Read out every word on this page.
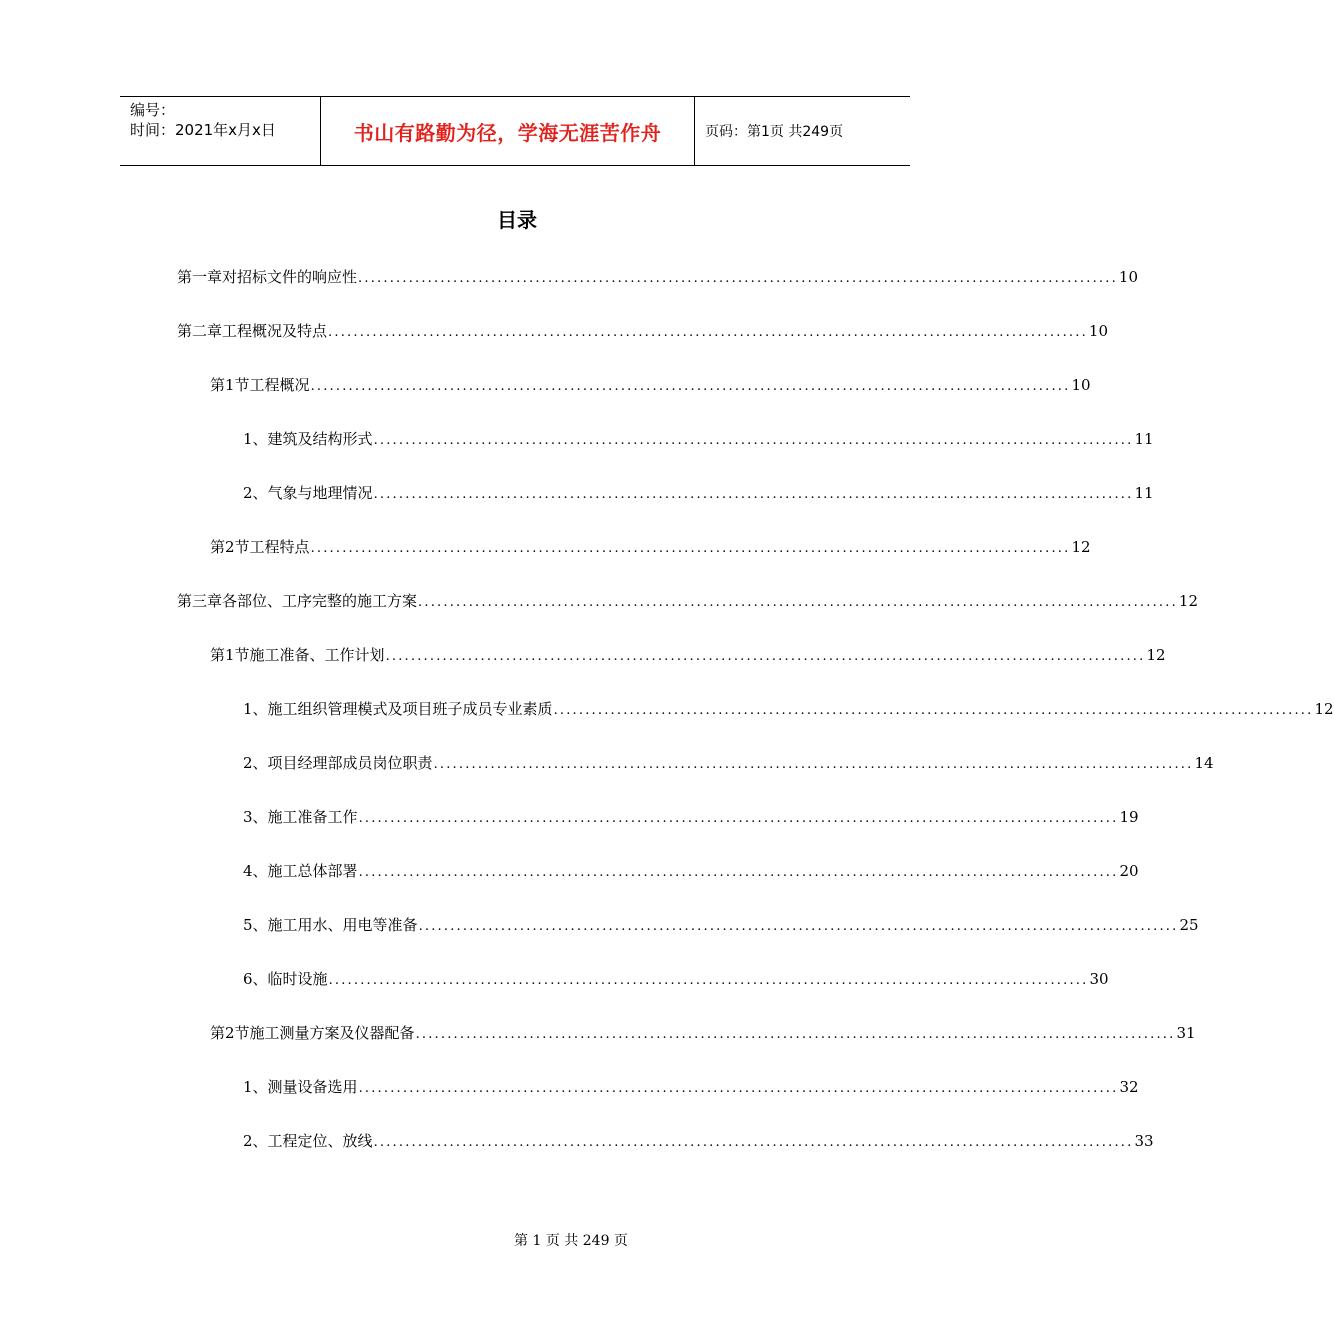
编号：
时间：2021年x月x日	书山有路勤为径，学海无涯苦作舟	页码：第1页 共249页
目录
第一章 对招标文件的响应性 ........................................................................................................................ 10
第二章 工程概况及特点 ........................................................................................................................ 10
第1节 工程概况 ........................................................................................................................ 10
1、 建筑及结构形式 ........................................................................................................................ 11
2、 气象与地理情况 ........................................................................................................................ 11
第2节 工程特点 ........................................................................................................................ 12
第三章 各部位、工序完整的施工方案 ........................................................................................................................ 12
第1节 施工准备、工作计划 ........................................................................................................................ 12
1、 施工组织管理模式及项目班子成员专业素质 ........................................................................................................................ 12
2、 项目经理部成员岗位职责 ........................................................................................................................ 14
3、 施工准备工作 ........................................................................................................................ 19
4、 施工总体部署 ........................................................................................................................ 20
5、 施工用水、用电等准备 ........................................................................................................................ 25
6、 临时设施 ........................................................................................................................ 30
第2节 施工测量方案及仪器配备 ........................................................................................................................ 31
1、 测量设备选用 ........................................................................................................................ 32
2、 工程定位、放线 ........................................................................................................................ 33
第 1 页 共 249 页
